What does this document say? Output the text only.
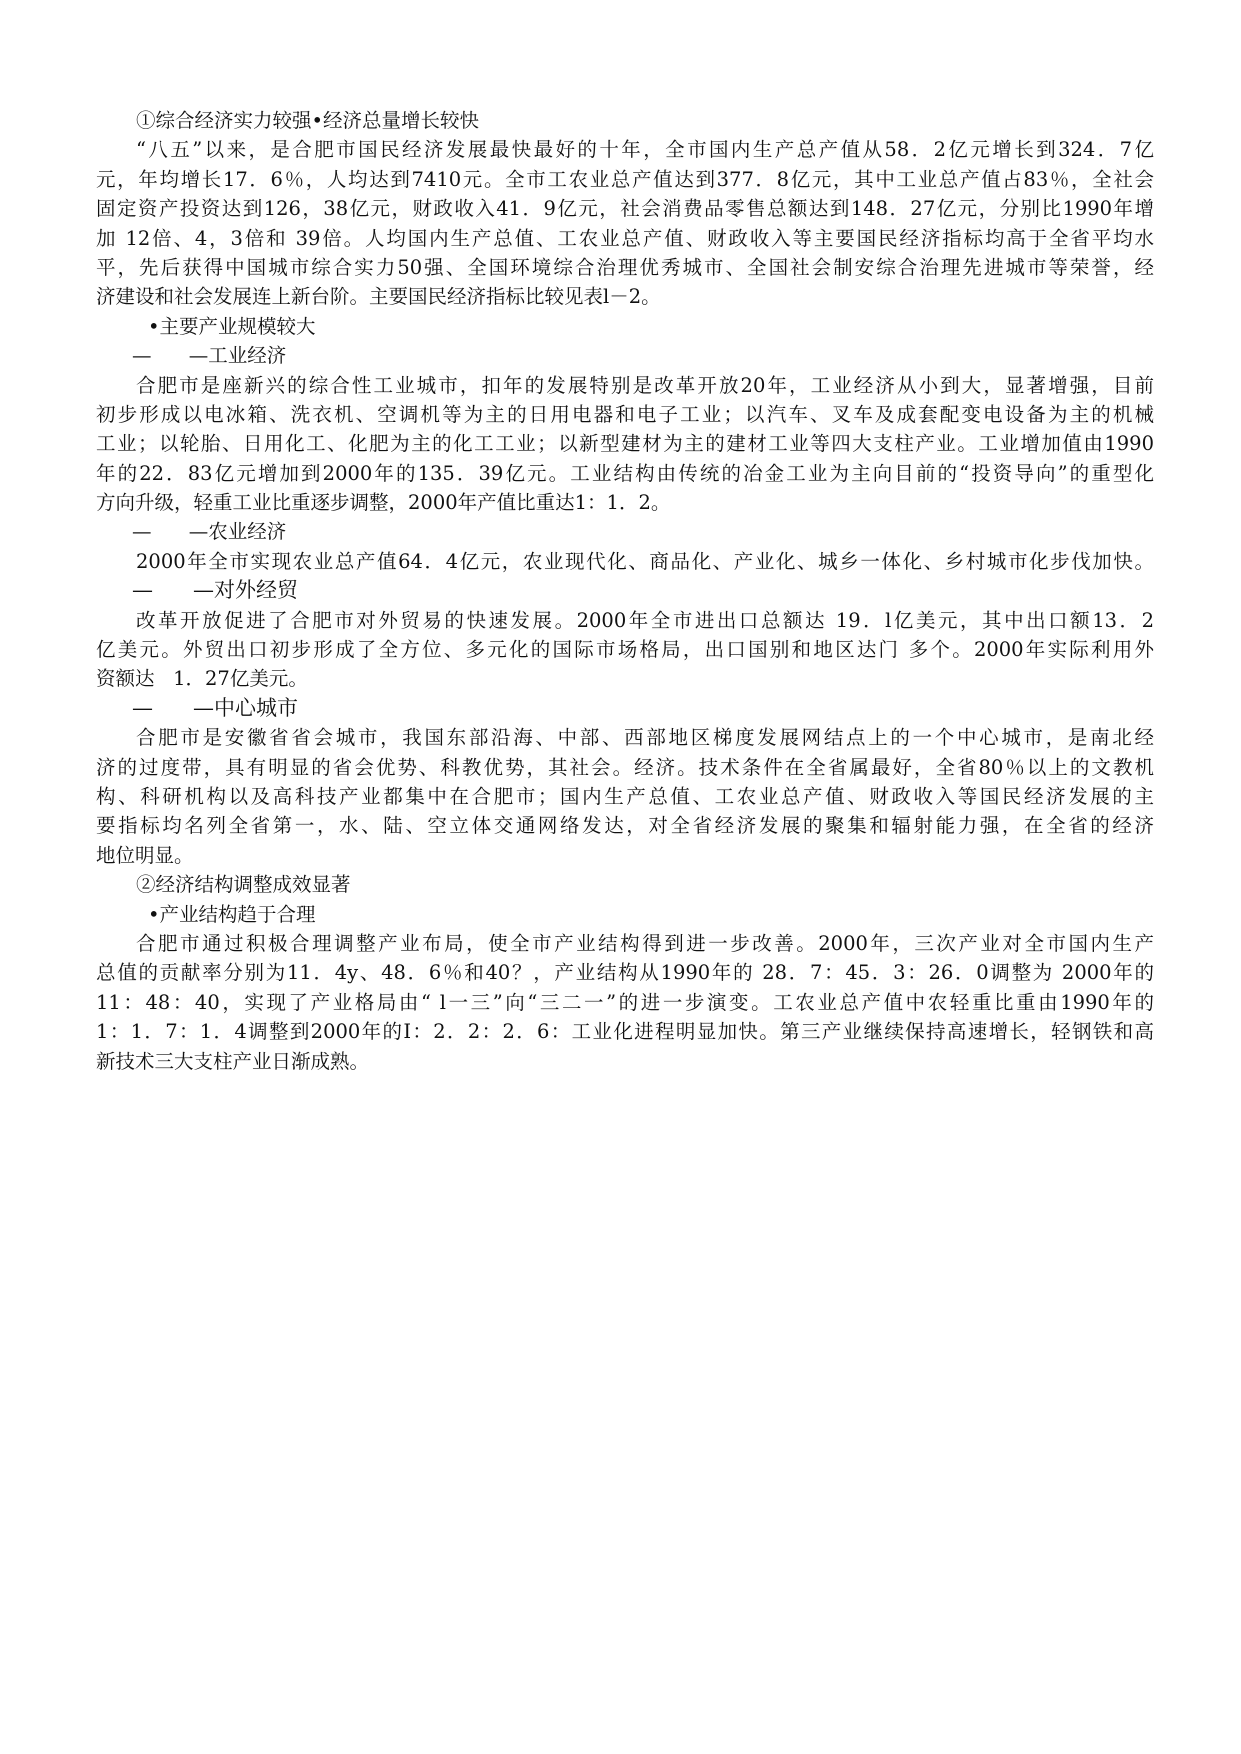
①综合经济实力较强•经济总量增长较快
“八五”以来，是合肥市国民经济发展最快最好的十年，全市国内生产总产值从58．2亿元增长到324．7亿
元，年均增长17．6％，人均达到7410元。全市工农业总产值达到377．8亿元，其中工业总产值占83％，全社会
固定资产投资达到126，38亿元，财政收入41．9亿元，社会消费品零售总额达到148．27亿元，分别比1990年增
加 12倍、4，3倍和 39倍。人均国内生产总值、工农业总产值、财政收入等主要国民经济指标均高于全省平均水
平，先后获得中国城市综合实力50强、全国环境综合治理优秀城市、全国社会制安综合治理先进城市等荣誉，经
济建设和社会发展连上新台阶。主要国民经济指标比较见表l－2。
•主要产业规模较大
—      —工业经济
合肥市是座新兴的综合性工业城市，扣年的发展特别是改革开放20年，工业经济从小到大，显著增强，目前
初步形成以电冰箱、洗衣机、空调机等为主的日用电器和电子工业；以汽车、叉车及成套配变电设备为主的机械
工业；以轮胎、日用化工、化肥为主的化工工业；以新型建材为主的建材工业等四大支柱产业。工业增加值由1990
年的22．83亿元增加到2000年的135．39亿元。工业结构由传统的冶金工业为主向目前的“投资导向”的重型化
方向升级，轻重工业比重逐步调整，2000年产值比重达1：1．2。
—      —农业经济
2000年全市实现农业总产值64．4亿元，农业现代化、商品化、产业化、城乡一体化、乡村城市化步伐加快。
—      —对外经贸
改革开放促进了合肥市对外贸易的快速发展。2000年全市进出口总额达 19．l亿美元，其中出口额13．2
亿美元。外贸出口初步形成了全方位、多元化的国际市场格局，出口国别和地区达门 多个。2000年实际利用外
资额达   1．27亿美元。
—      —中心城市
合肥市是安徽省省会城市，我国东部沿海、中部、西部地区梯度发展网结点上的一个中心城市，是南北经
济的过度带，具有明显的省会优势、科教优势，其社会。经济。技术条件在全省属最好，全省80％以上的文教机
构、科研机构以及高科技产业都集中在合肥市；国内生产总值、工农业总产值、财政收入等国民经济发展的主
要指标均名列全省第一，水、陆、空立体交通网络发达，对全省经济发展的聚集和辐射能力强，在全省的经济
地位明显。
②经济结构调整成效显著
•产业结构趋于合理
合肥市通过积极合理调整产业布局，使全市产业结构得到进一步改善。2000年，三次产业对全市国内生产
总值的贡献率分别为11．4y、48．6％和40？，产业结构从1990年的 28．7：45．3：26．0调整为 2000年的
11：48：40，实现了产业格局由“ l一三”向“三二一”的进一步演变。工农业总产值中农轻重比重由1990年的
1：1．7：1．4调整到2000年的I：2．2：2．6：工业化进程明显加快。第三产业继续保持高速增长，轻钢铁和高
新技术三大支柱产业日渐成熟。
